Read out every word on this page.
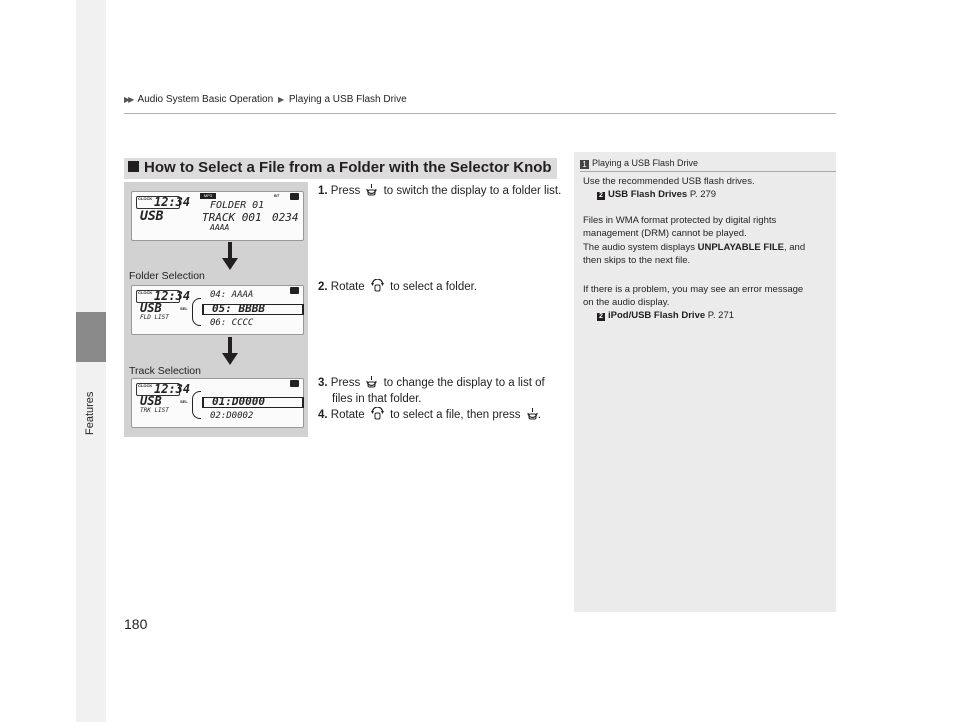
Features
▶▶ Audio System Basic Operation ▶ Playing a USB Flash Drive
How to Select a File from a Folder with the Selector Knob
CLOCK 12:34
USB
MP3	BT
FOLDER 01
TRACK 001 0234
AAAA
Folder Selection
CLOCK 12:34
USB
FLD LIST
SEL
04: AAAA
05: BBBB
06: CCCC
Track Selection
CLOCK 12:34
USB
TRK LIST
SEL 01:D0000
02:D0002
1. Press to switch the display to a folder list.
2. Rotate to select a folder.
3. Press to change the display to a list of
files in that folder.
4. Rotate to select a file, then press .
1 Playing a USB Flash Drive
Use the recommended USB flash drives.
2 USB Flash Drives P. 279
Files in WMA format protected by digital rights
management (DRM) cannot be played.
The audio system displays UNPLAYABLE FILE, and
then skips to the next file.
If there is a problem, you may see an error message
on the audio display.
2 iPod/USB Flash Drive P. 271
180
